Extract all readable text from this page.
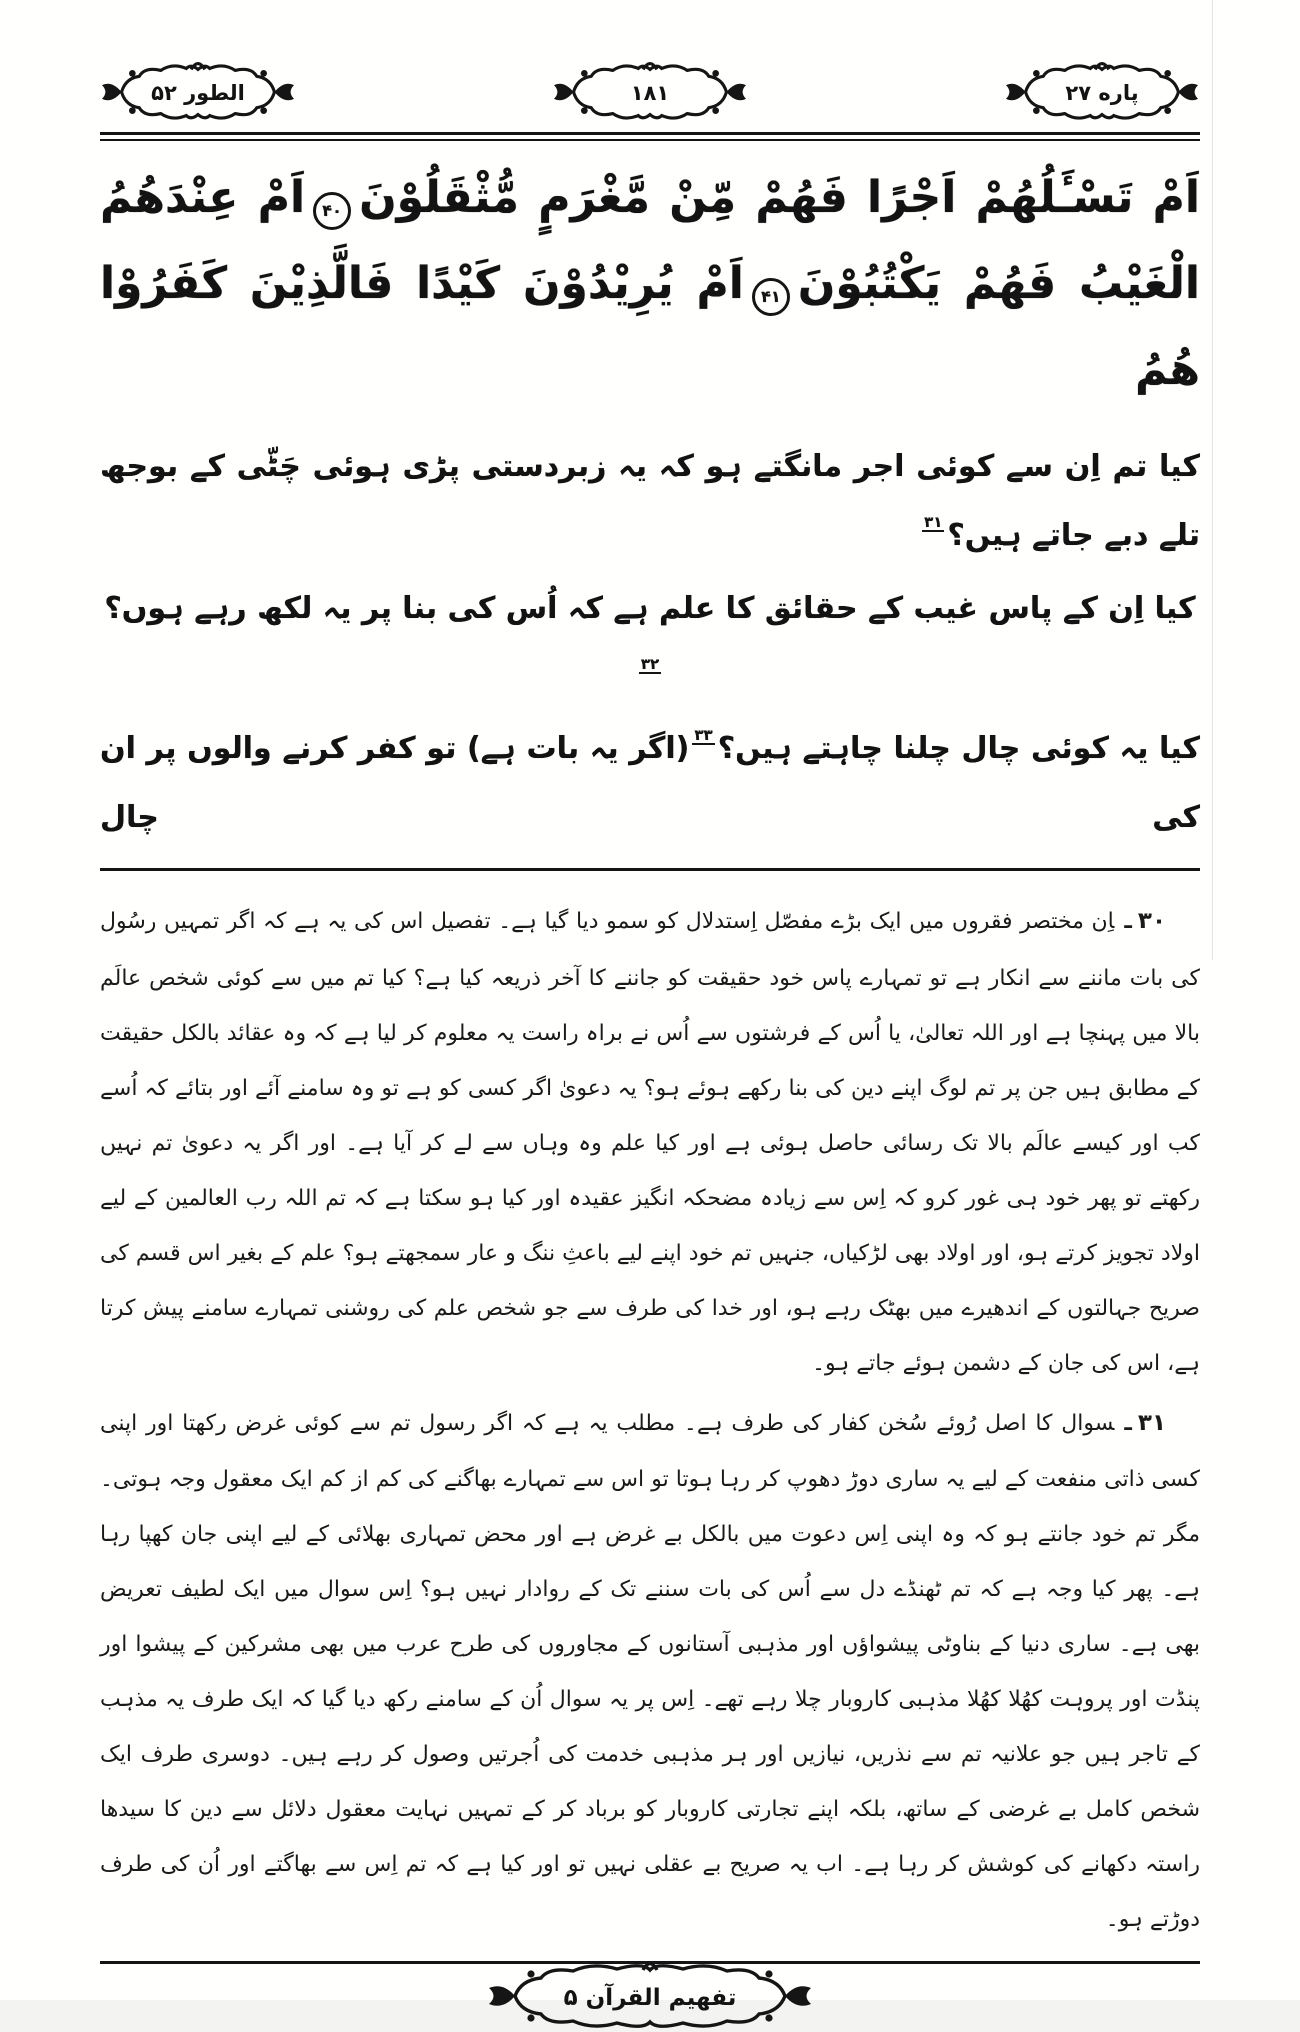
پاره ۲۷
۱۸۱
الطور ۵۲
اَمْ تَسْـَٔلُهُمْ اَجْرًا فَهُمْ مِّنْ مَّغْرَمٍ مُّثْقَلُوْنَ۴۰اَمْ عِنْدَهُمُ
الْغَيْبُ فَهُمْ يَكْتُبُوْنَ۴۱اَمْ يُرِيْدُوْنَ كَيْدًا فَالَّذِيْنَ كَفَرُوْا هُمُ

کیا تم اِن سے کوئی اجر مانگتے ہو کہ یہ زبردستی پڑی ہوئی چَٹّی کے بوجھ تلے دبے جاتے ہیں؟۳۱

کیا اِن کے پاس غیب کے حقائق کا علم ہے کہ اُس کی بنا پر یہ لکھ رہے ہوں؟۳۲

کیا یہ کوئی چال چلنا چاہتے ہیں؟۳۳(اگر یہ بات ہے) تو کفر کرنے والوں پر ان کی چال

۳۰ـاِن مختصر فقروں میں ایک بڑے مفصّل اِستدلال کو سمو دیا گیا ہے۔ تفصیل اس کی یہ ہے کہ اگر تمہیں رسُول کی بات ماننے سے انکار ہے تو تمہارے پاس خود حقیقت کو جاننے کا آخر ذریعہ کیا ہے؟ کیا تم میں سے کوئی شخص عالَم بالا میں پہنچا ہے اور اللہ تعالیٰ، یا اُس کے فرشتوں سے اُس نے براہ راست یہ معلوم کر لیا ہے کہ وہ عقائد بالکل حقیقت کے مطابق ہیں جن پر تم لوگ اپنے دین کی بنا رکھے ہوئے ہو؟ یہ دعویٰ اگر کسی کو ہے تو وہ سامنے آئے اور بتائے کہ اُسے کب اور کیسے عالَم بالا تک رسائی حاصل ہوئی ہے اور کیا علم وہ وہاں سے لے کر آیا ہے۔ اور اگر یہ دعویٰ تم نہیں رکھتے تو پھر خود ہی غور کرو کہ اِس سے زیادہ مضحکہ انگیز عقیدہ اور کیا ہو سکتا ہے کہ تم اللہ رب العالمین کے لیے اولاد تجویز کرتے ہو، اور اولاد بھی لڑکیاں، جنہیں تم خود اپنے لیے باعثِ ننگ و عار سمجھتے ہو؟ علم کے بغیر اس قسم کی صریح جہالتوں کے اندھیرے میں بھٹک رہے ہو، اور خدا کی طرف سے جو شخص علم کی روشنی تمہارے سامنے پیش کرتا ہے، اس کی جان کے دشمن ہوئے جاتے ہو۔

۳۱ـسوال کا اصل رُوئے سُخن کفار کی طرف ہے۔ مطلب یہ ہے کہ اگر رسول تم سے کوئی غرض رکھتا اور اپنی کسی ذاتی منفعت کے لیے یہ ساری دوڑ دھوپ کر رہا ہوتا تو اس سے تمہارے بھاگنے کی کم از کم ایک معقول وجہ ہوتی۔ مگر تم خود جانتے ہو کہ وہ اپنی اِس دعوت میں بالکل بے غرض ہے اور محض تمہاری بھلائی کے لیے اپنی جان کھپا رہا ہے۔ پھر کیا وجہ ہے کہ تم ٹھنڈے دل سے اُس کی بات سننے تک کے روادار نہیں ہو؟ اِس سوال میں ایک لطیف تعریض بھی ہے۔ ساری دنیا کے بناوٹی پیشواؤں اور مذہبی آستانوں کے مجاوروں کی طرح عرب میں بھی مشرکین کے پیشوا اور پنڈت اور پروہت کھُلا کھُلا مذہبی کاروبار چلا رہے تھے۔ اِس پر یہ سوال اُن کے سامنے رکھ دیا گیا کہ ایک طرف یہ مذہب کے تاجر ہیں جو علانیہ تم سے نذریں، نیازیں اور ہر مذہبی خدمت کی اُجرتیں وصول کر رہے ہیں۔ دوسری طرف ایک شخص کامل بے غرضی کے ساتھ، بلکہ اپنے تجارتی کاروبار کو برباد کر کے تمہیں نہایت معقول دلائل سے دین کا سیدھا راستہ دکھانے کی کوشش کر رہا ہے۔ اب یہ صریح بے عقلی نہیں تو اور کیا ہے کہ تم اِس سے بھاگتے اور اُن کی طرف دوڑتے ہو۔

تفهیم القرآن ۵
